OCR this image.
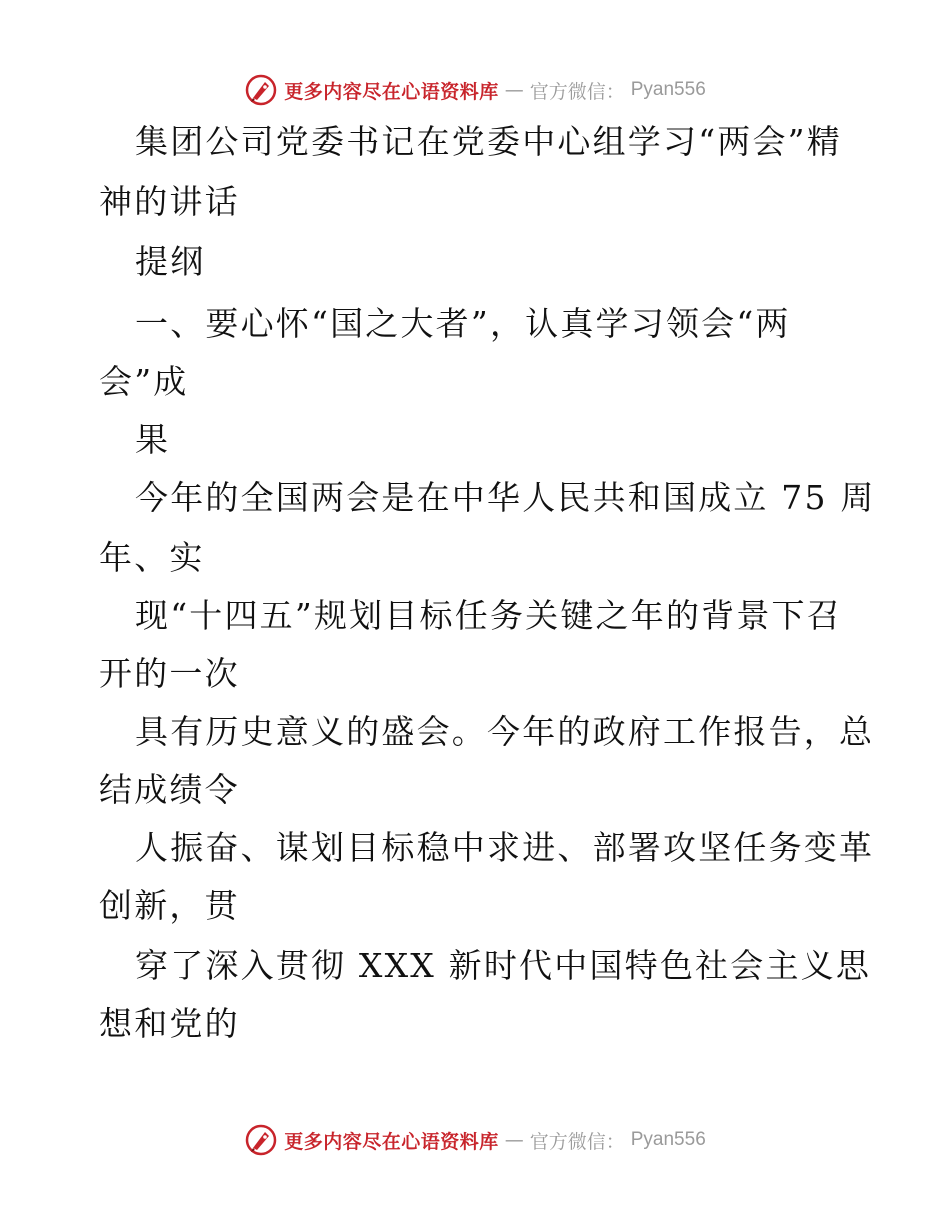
更多内容尽在心语资料库 — 官方微信： Pyan556
集团公司党委书记在党委中心组学习“两会”精
神的讲话
提纲
一、要心怀“国之大者”，认真学习领会“两
会”成
果
今年的全国两会是在中华人民共和国成立 75 周
年、实
现“十四五”规划目标任务关键之年的背景下召
开的一次
具有历史意义的盛会。今年的政府工作报告，总
结成绩令
人振奋、谋划目标稳中求进、部署攻坚任务变革
创新，贯
穿了深入贯彻 XXX 新时代中国特色社会主义思
想和党的
更多内容尽在心语资料库 — 官方微信： Pyan556
